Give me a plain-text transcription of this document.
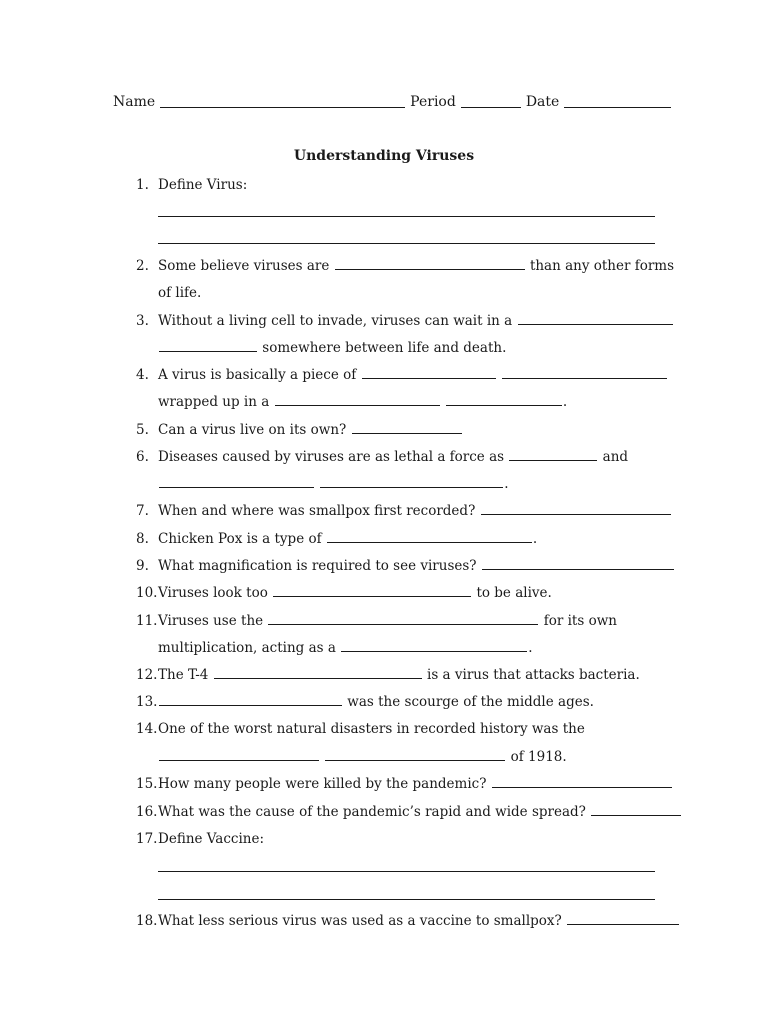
Name	Period	Date
Understanding Viruses
1. Define Virus:
2. Some believe viruses are	than any other forms
of life.
3. Without a living cell to invade, viruses can wait in a
somewhere between life and death.
4. A virus is basically a piece of
wrapped up in a	.
5. Can a virus live on its own?
6. Diseases caused by viruses are as lethal a force as	and
.
7. When and where was smallpox first recorded?
8. Chicken Pox is a type of	.
9. What magnification is required to see viruses?
10. Viruses look too	to be alive.
11. Viruses use the	for its own
multiplication, acting as a	.
12. The T-4	is a virus that attacks bacteria.
13.	was the scourge of the middle ages.
14. One of the worst natural disasters in recorded history was the
of 1918.
15. How many people were killed by the pandemic?
16. What was the cause of the pandemic’s rapid and wide spread?
17. Define Vaccine:
18. What less serious virus was used as a vaccine to smallpox?
